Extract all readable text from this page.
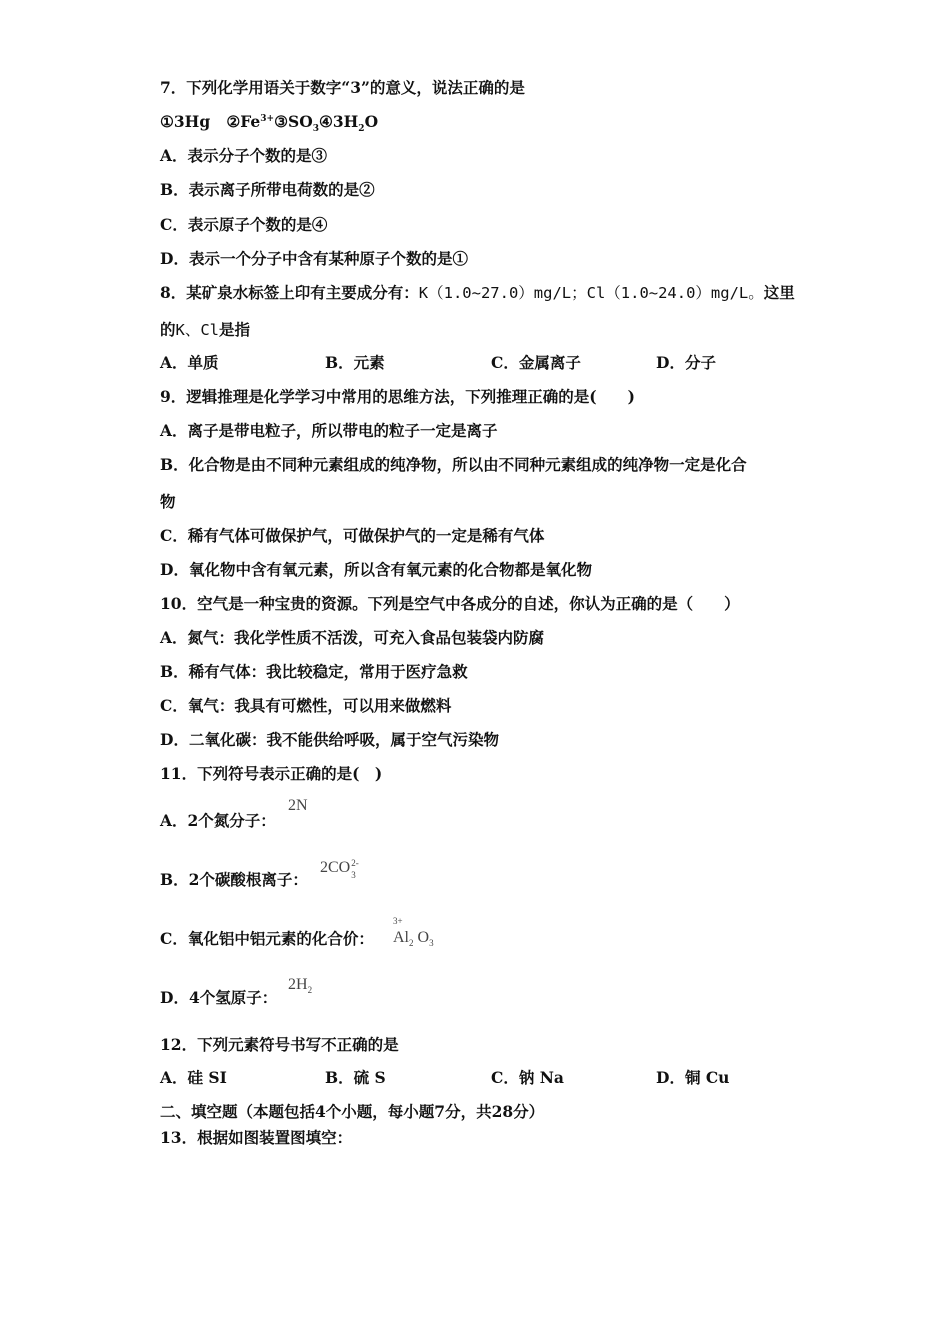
7．下列化学用语关于数字“3”的意义，说法正确的是
①3Hg $②Fe^{3+}③SO_3④3H_2O$
A．表示分子个数的是③
B．表示离子所带电荷数的是②
C．表示原子个数的是④
D．表示一个分子中含有某种原子个数的是①
8．某矿泉水标签上印有主要成分有：K（1.0~27.0）mg/L；Cl（1.0~24.0）mg/L。这里
的K、Cl是指
A．单质	B．元素	C．金属离子	D．分子
9．逻辑推理是化学学习中常用的思维方法，下列推理正确的是(　　)
A．离子是带电粒子，所以带电的粒子一定是离子
B．化合物是由不同种元素组成的纯净物，所以由不同种元素组成的纯净物一定是化合
物
C．稀有气体可做保护气，可做保护气的一定是稀有气体
D．氧化物中含有氧元素，所以含有氧元素的化合物都是氧化物
10．空气是一种宝贵的资源。下列是空气中各成分的自述，你认为正确的是（　　）
A．氮气：我化学性质不活泼，可充入食品包装袋内防腐
B．稀有气体：我比较稳定，常用于医疗急救
C．氧气：我具有可燃性，可以用来做燃料
D．二氧化碳：我不能供给呼吸，属于空气污染物
11．下列符号表示正确的是(　)
A．2个氮分子：
2N
B．2个碳酸根离子：
2CO 2-
3
C．氧化铝中铝元素的化合价：
3+
$Al_2$ $O_3$
D．4个氢原子：
$2H_2$
12．下列元素符号书写不正确的是
A．硅 SI	B．硫 S	C．钠 Na	D．铜 Cu
二、填空题（本题包括4个小题，每小题7分，共28分）
13．根据如图装置图填空：
